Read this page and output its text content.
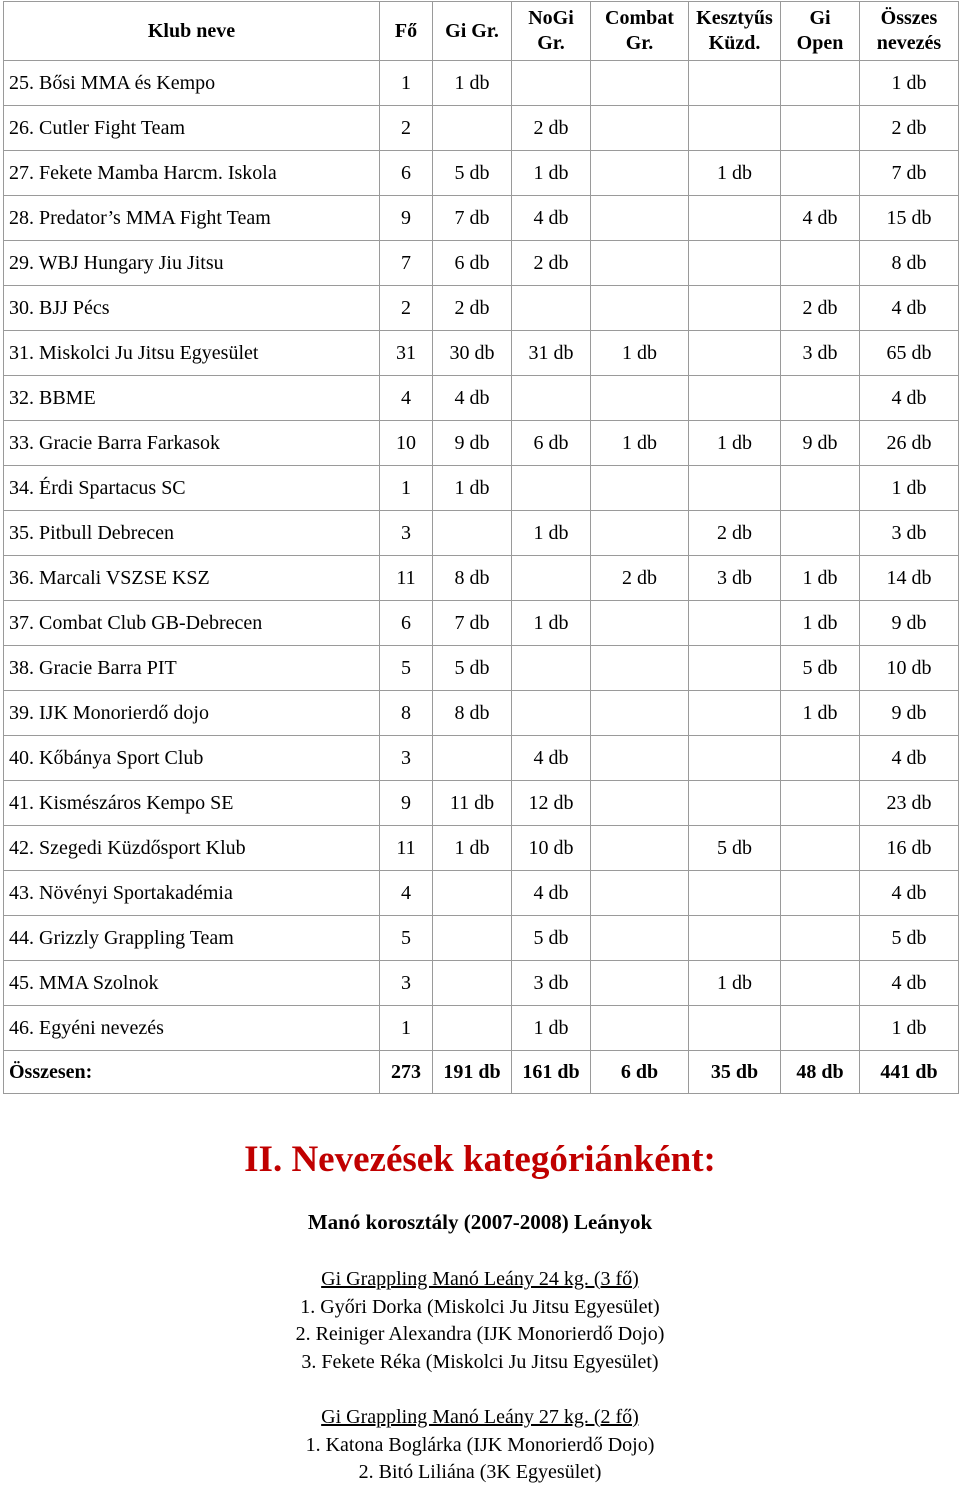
Klub neve	Fő	Gi Gr.	NoGi Gr.	Combat Gr.	Kesztyűs Küzd.	Gi Open	Összes nevezés
25. Bősi MMA és Kempo	1	1 db					1 db
26. Cutler Fight Team	2		2 db				2 db
27. Fekete Mamba Harcm. Iskola	6	5 db	1 db		1 db		7 db
28. Predator’s MMA Fight Team	9	7 db	4 db			4 db	15 db
29. WBJ Hungary Jiu Jitsu	7	6 db	2 db				8 db
30. BJJ Pécs	2	2 db				2 db	4 db
31. Miskolci Ju Jitsu Egyesület	31	30 db	31 db	1 db		3 db	65 db
32. BBME	4	4 db					4 db
33. Gracie Barra Farkasok	10	9 db	6 db	1 db	1 db	9 db	26 db
34. Érdi Spartacus SC	1	1 db					1 db
35. Pitbull Debrecen	3		1 db		2 db		3 db
36. Marcali VSZSE KSZ	11	8 db		2 db	3 db	1 db	14 db
37. Combat Club GB-Debrecen	6	7 db	1 db			1 db	9 db
38. Gracie Barra PIT	5	5 db				5 db	10 db
39. IJK Monorierdő dojo	8	8 db				1 db	9 db
40. Kőbánya Sport Club	3		4 db				4 db
41. Kismészáros Kempo SE	9	11 db	12 db				23 db
42. Szegedi Küzdősport Klub	11	1 db	10 db		5 db		16 db
43. Növényi Sportakadémia	4		4 db				4 db
44. Grizzly Grappling Team	5		5 db				5 db
45. MMA Szolnok	3		3 db		1 db		4 db
46. Egyéni nevezés	1		1 db				1 db
Összesen:	273	191 db	161 db	6 db	35 db	48 db	441 db
II. Nevezések kategóriánként:
Manó korosztály (2007-2008) Leányok
Gi Grappling Manó Leány 24 kg. (3 fő)
1. Győri Dorka (Miskolci Ju Jitsu Egyesület)
2. Reiniger Alexandra (IJK Monorierdő Dojo)
3. Fekete Réka (Miskolci Ju Jitsu Egyesület)
Gi Grappling Manó Leány 27 kg. (2 fő)
1. Katona Boglárka (IJK Monorierdő Dojo)
2. Bitó Liliána (3K Egyesület)
